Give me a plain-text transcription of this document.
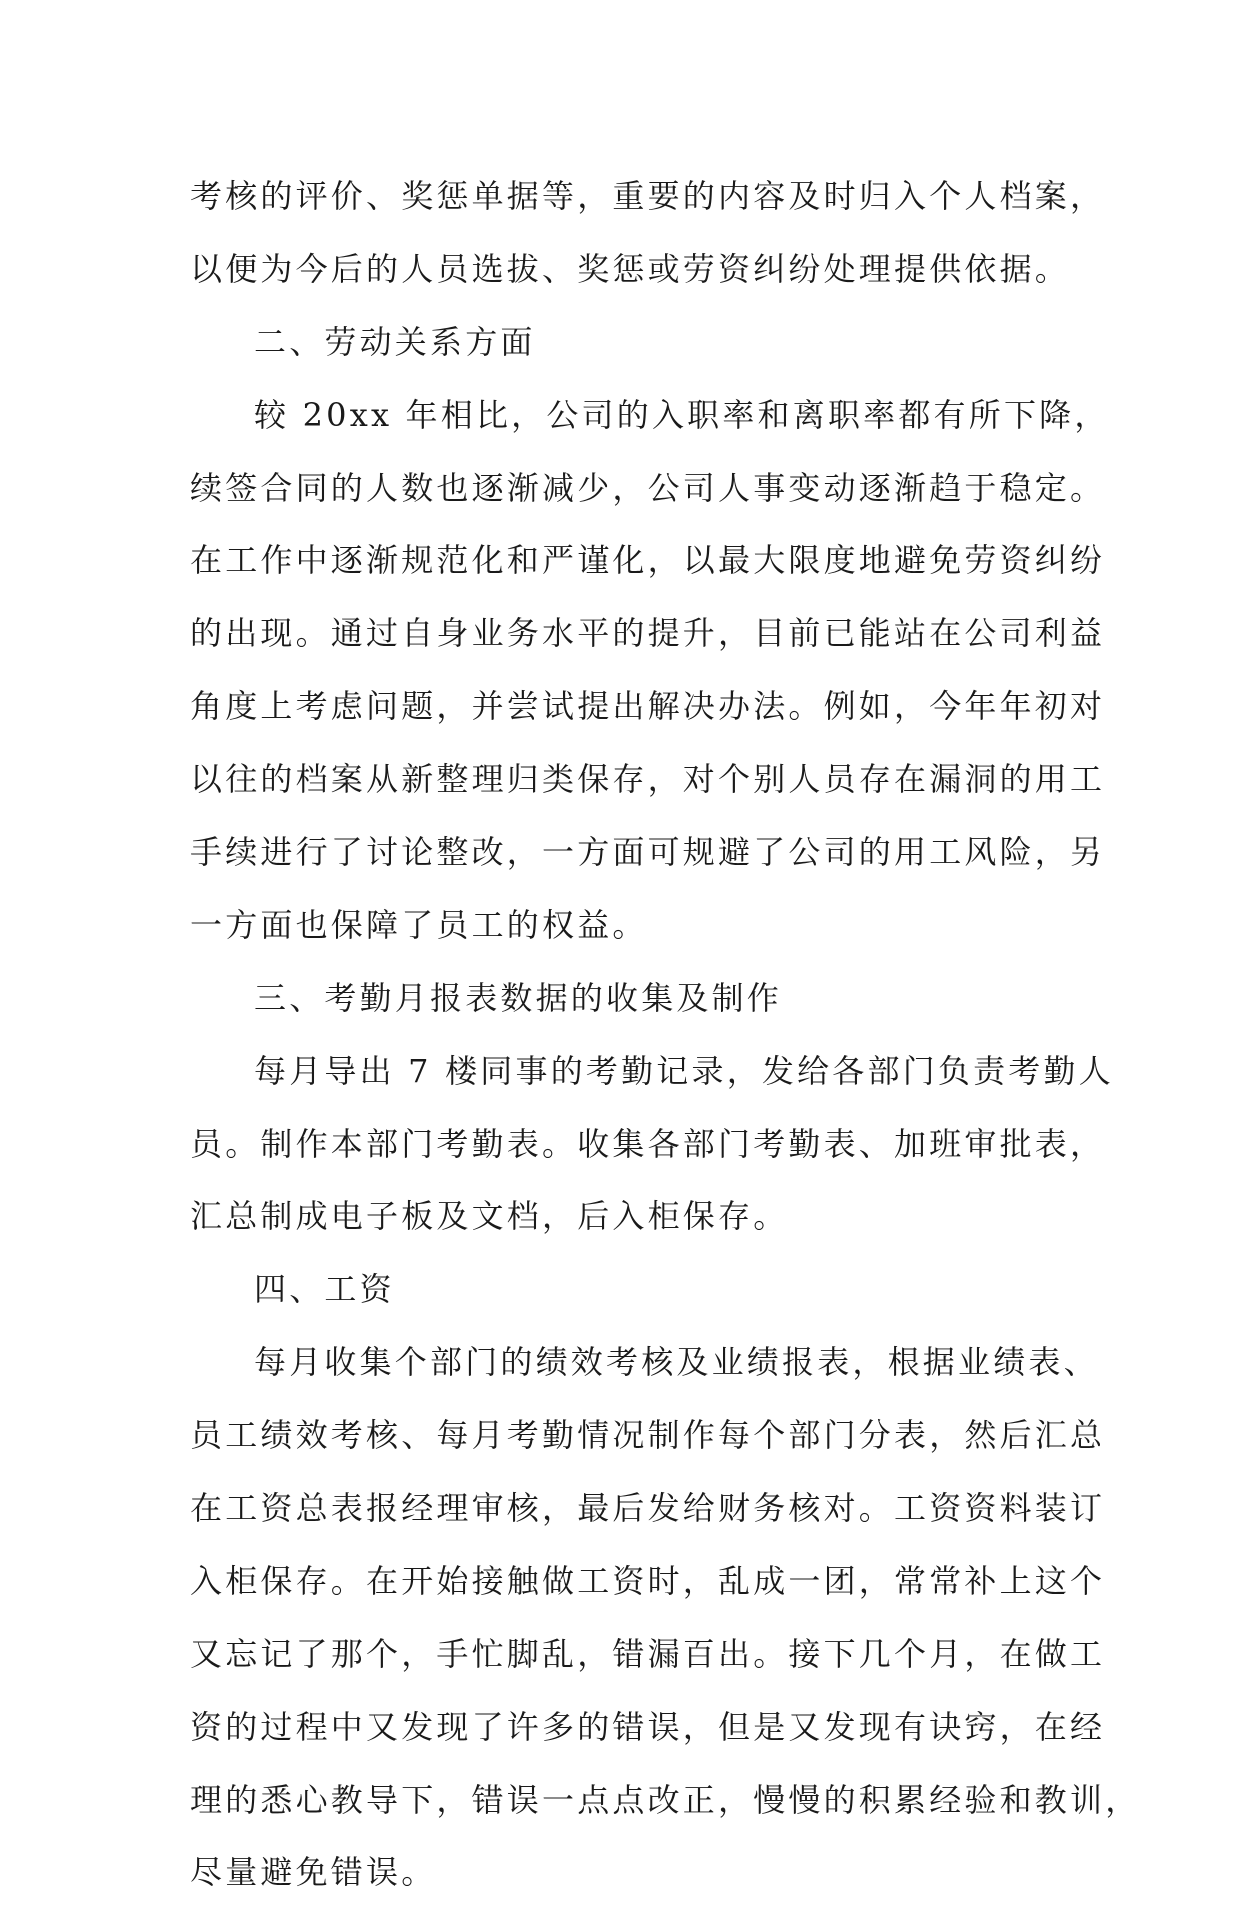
考核的评价、奖惩单据等，重要的内容及时归入个人档案，
以便为今后的人员选拔、奖惩或劳资纠纷处理提供依据。
二、劳动关系方面
较 20xx 年相比，公司的入职率和离职率都有所下降，
续签合同的人数也逐渐减少，公司人事变动逐渐趋于稳定。
在工作中逐渐规范化和严谨化，以最大限度地避免劳资纠纷
的出现。通过自身业务水平的提升，目前已能站在公司利益
角度上考虑问题，并尝试提出解决办法。例如，今年年初对
以往的档案从新整理归类保存，对个别人员存在漏洞的用工
手续进行了讨论整改，一方面可规避了公司的用工风险，另
一方面也保障了员工的权益。
三、考勤月报表数据的收集及制作
每月导出 7 楼同事的考勤记录，发给各部门负责考勤人
员。制作本部门考勤表。收集各部门考勤表、加班审批表，
汇总制成电子板及文档，后入柜保存。
四、工资
每月收集个部门的绩效考核及业绩报表，根据业绩表、
员工绩效考核、每月考勤情况制作每个部门分表，然后汇总
在工资总表报经理审核，最后发给财务核对。工资资料装订
入柜保存。在开始接触做工资时，乱成一团，常常补上这个
又忘记了那个，手忙脚乱，错漏百出。接下几个月，在做工
资的过程中又发现了许多的错误，但是又发现有诀窍，在经
理的悉心教导下，错误一点点改正，慢慢的积累经验和教训，
尽量避免错误。
